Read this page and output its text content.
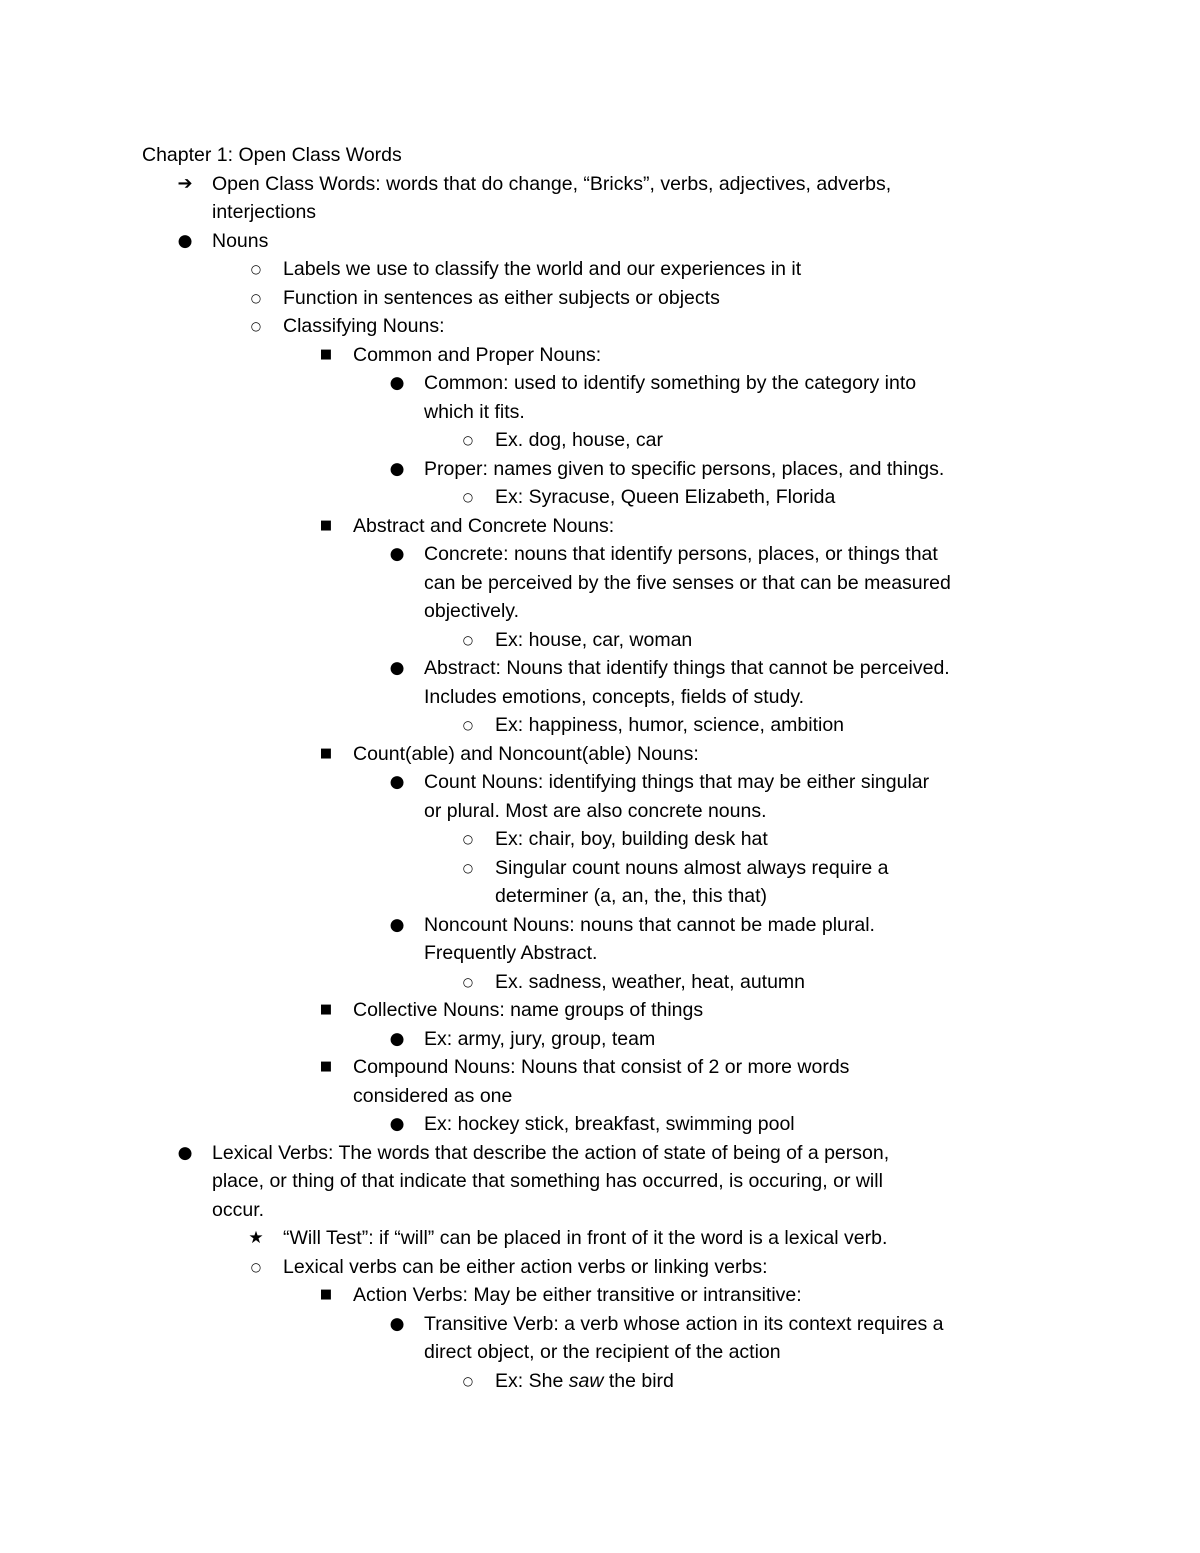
Chapter 1: Open Class Words
➔ Open Class Words: words that do change, “Bricks”, verbs, adjectives, adverbs,
interjections
●	Nouns
○	Labels we use to classify the world and our experiences in it
○	Function in sentences as either subjects or objects
○	Classifying Nouns:
■	Common and Proper Nouns:
●	Common: used to identify something by the category into
which it fits.
○	Ex. dog, house, car
●	Proper: names given to specific persons, places, and things.
○	Ex: Syracuse, Queen Elizabeth, Florida
■	Abstract and Concrete Nouns:
●	Concrete: nouns that identify persons, places, or things that
can be perceived by the five senses or that can be measured
objectively.
○	Ex: house, car, woman
●	Abstract: Nouns that identify things that cannot be perceived.
Includes emotions, concepts, fields of study.
○	Ex: happiness, humor, science, ambition
■	Count(able) and Noncount(able) Nouns:
●	Count Nouns: identifying things that may be either singular
or plural. Most are also concrete nouns.
○	Ex: chair, boy, building desk hat
○	Singular count nouns almost always require a
determiner (a, an, the, this that)
●	Noncount Nouns: nouns that cannot be made plural.
Frequently Abstract.
○	Ex. sadness, weather, heat, autumn
■	Collective Nouns: name groups of things
●	Ex: army, jury, group, team
■	Compound Nouns: Nouns that consist of 2 or more words
considered as one
●	Ex: hockey stick, breakfast, swimming pool
●	Lexical Verbs: The words that describe the action of state of being of a person,
place, or thing of that indicate that something has occurred, is occuring, or will
occur.
★ “Will Test”: if “will” can be placed in front of it the word is a lexical verb.
○	Lexical verbs can be either action verbs or linking verbs:
■	Action Verbs: May be either transitive or intransitive:
●	Transitive Verb: a verb whose action in its context requires a
direct object, or the recipient of the action
○	Ex: She saw the bird
